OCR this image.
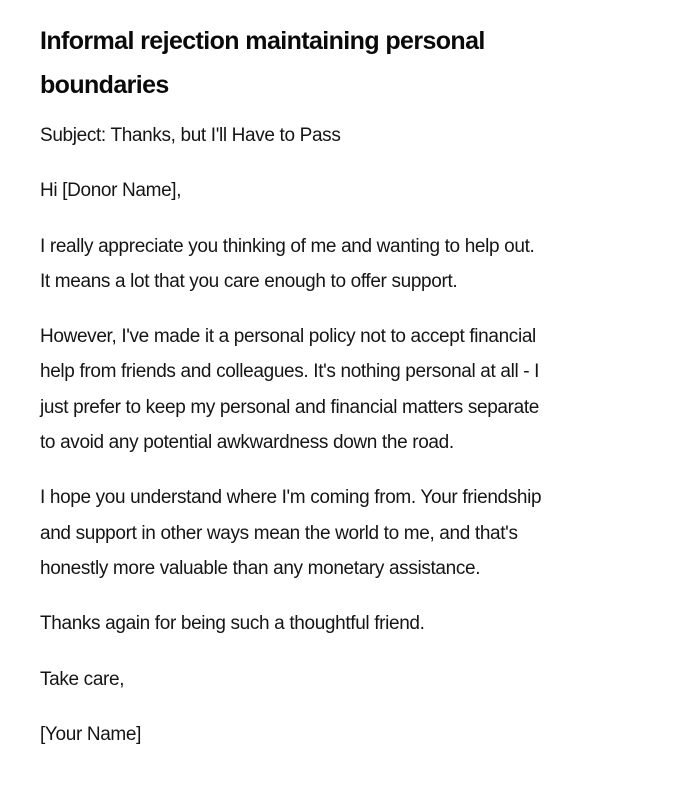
Informal rejection maintaining personal
boundaries

Subject: Thanks, but I'll Have to Pass

Hi [Donor Name],

I really appreciate you thinking of me and wanting to help out.
It means a lot that you care enough to offer support.

However, I've made it a personal policy not to accept financial
help from friends and colleagues. It's nothing personal at all - I
just prefer to keep my personal and financial matters separate
to avoid any potential awkwardness down the road.

I hope you understand where I'm coming from. Your friendship
and support in other ways mean the world to me, and that's
honestly more valuable than any monetary assistance.

Thanks again for being such a thoughtful friend.

Take care,

[Your Name]
